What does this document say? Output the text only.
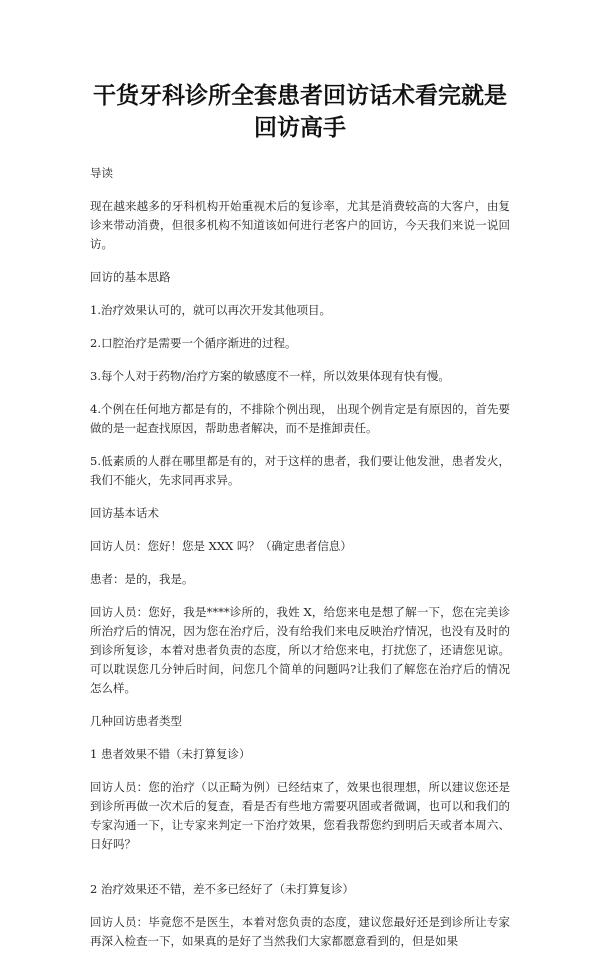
干货牙科诊所全套患者回访话术看完就是
回访高手

导读

现在越来越多的牙科机构开始重视术后的复诊率，尤其是消费较高的大客户，由复诊来带动消费，但很多机构不知道该如何进行老客户的回访，今天我们来说一说回访。

回访的基本思路

1.治疗效果认可的，就可以再次开发其他项目。

2.口腔治疗是需要一个循序渐进的过程。

3.每个人对于药物/治疗方案的敏感度不一样，所以效果体现有快有慢。

4.个例在任何地方都是有的，不排除个例出现， 出现个例肯定是有原因的，首先要做的是一起查找原因，帮助患者解决，而不是推卸责任。

5.低素质的人群在哪里都是有的，对于这样的患者，我们要让他发泄，患者发火，我们不能火，先求同再求异。

回访基本话术

回访人员：您好！您是 XXX 吗？（确定患者信息）

患者：是的，我是。

回访人员：您好，我是****诊所的，我姓 X，给您来电是想了解一下，您在完美诊所治疗后的情况，因为您在治疗后，没有给我们来电反映治疗情况，也没有及时的到诊所复诊，本着对患者负责的态度，所以才给您来电，打扰您了，还请您见谅。可以耽误您几分钟后时间，问您几个简单的问题吗?让我们了解您在治疗后的情况怎么样。

几种回访患者类型

1 患者效果不错（未打算复诊）

回访人员：您的治疗（以正畸为例）已经结束了，效果也很理想，所以建议您还是到诊所再做一次术后的复查，看是否有些地方需要巩固或者微调，也可以和我们的专家沟通一下，让专家来判定一下治疗效果，您看我帮您约到明后天或者本周六、日好吗？

2 治疗效果还不错，差不多已经好了（未打算复诊）

回访人员：毕竟您不是医生，本着对您负责的态度，建议您最好还是到诊所让专家再深入检查一下，如果真的是好了当然我们大家都愿意看到的，但是如果
